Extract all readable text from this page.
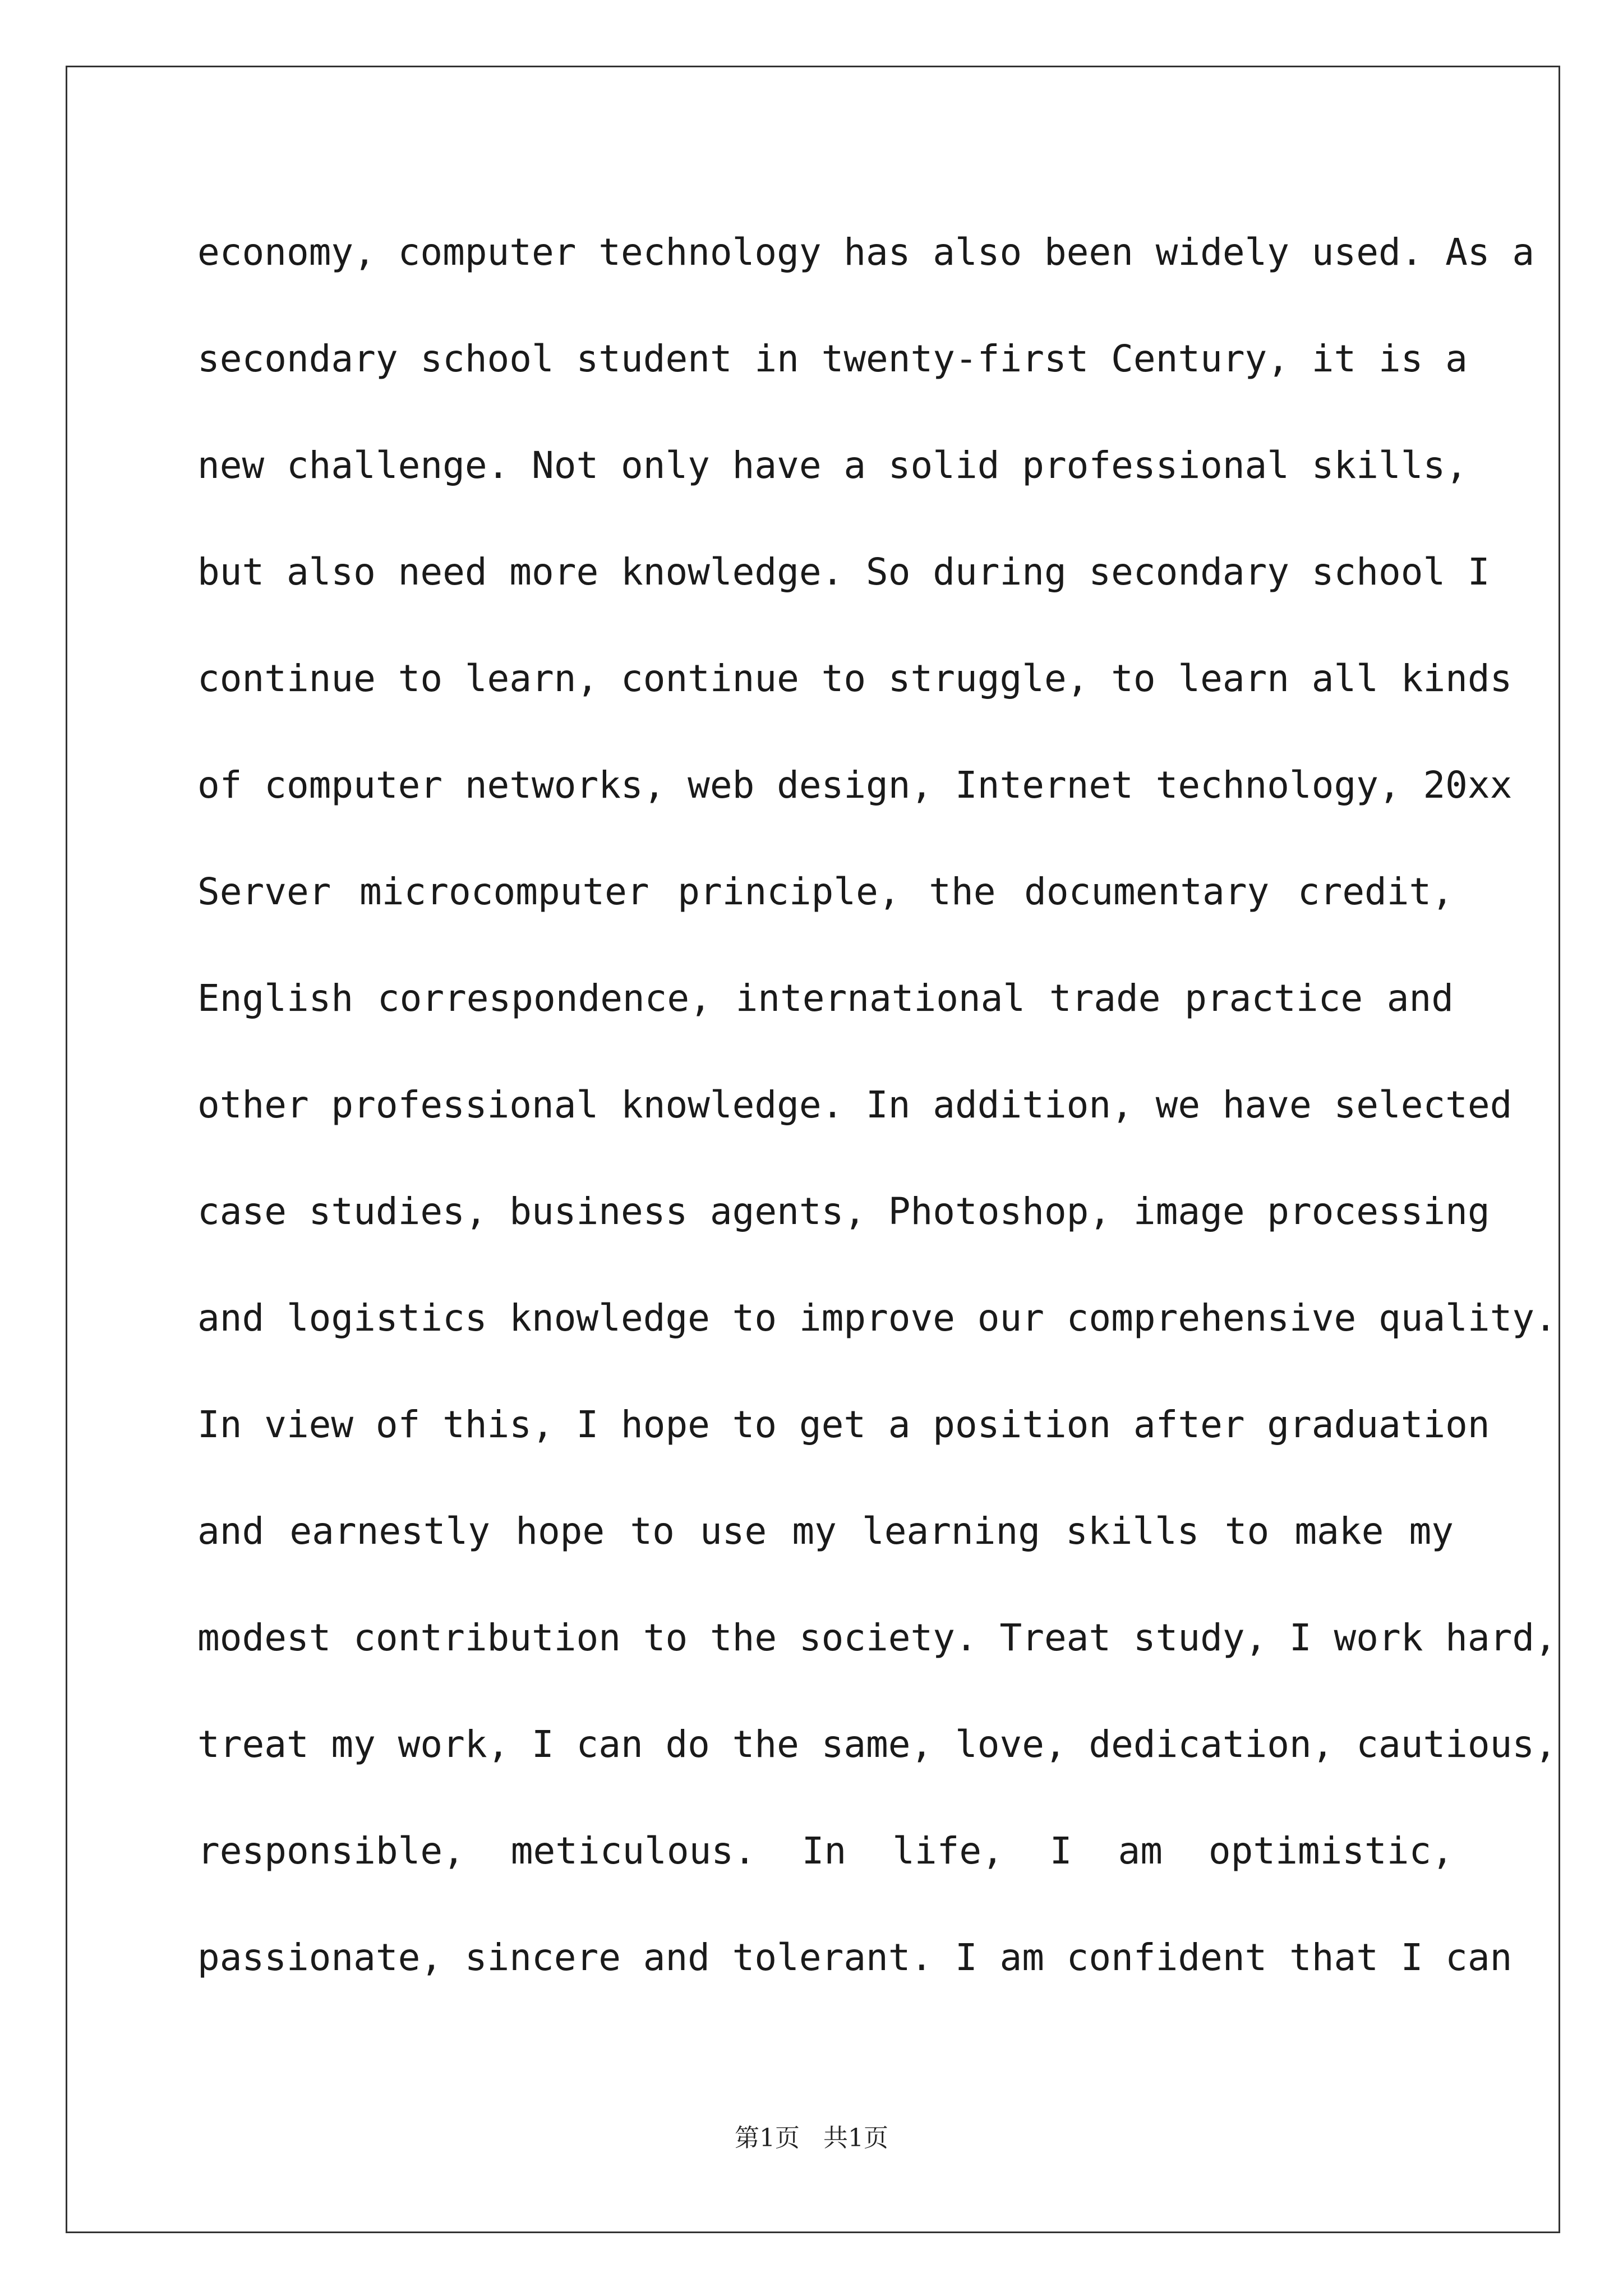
economy, computer technology has also been widely used. As a
secondary school student in twenty-first Century, it is a
new challenge. Not only have a solid professional skills,
but also need more knowledge. So during secondary school I
continue to learn, continue to struggle, to learn all kinds
of computer networks, web design, Internet technology, 20xx
Server microcomputer principle, the documentary credit,
English correspondence, international trade practice and
other professional knowledge. In addition, we have selected
case studies, business agents, Photoshop, image processing
and logistics knowledge to improve our comprehensive quality.
In view of this, I hope to get a position after graduation
and earnestly hope to use my learning skills to make my
modest contribution to the society. Treat study, I work hard,
treat my work, I can do the same, love, dedication, cautious,
responsible, meticulous. In life, I am optimistic,
passionate, sincere and tolerant. I am confident that I can
第1页   共1页
